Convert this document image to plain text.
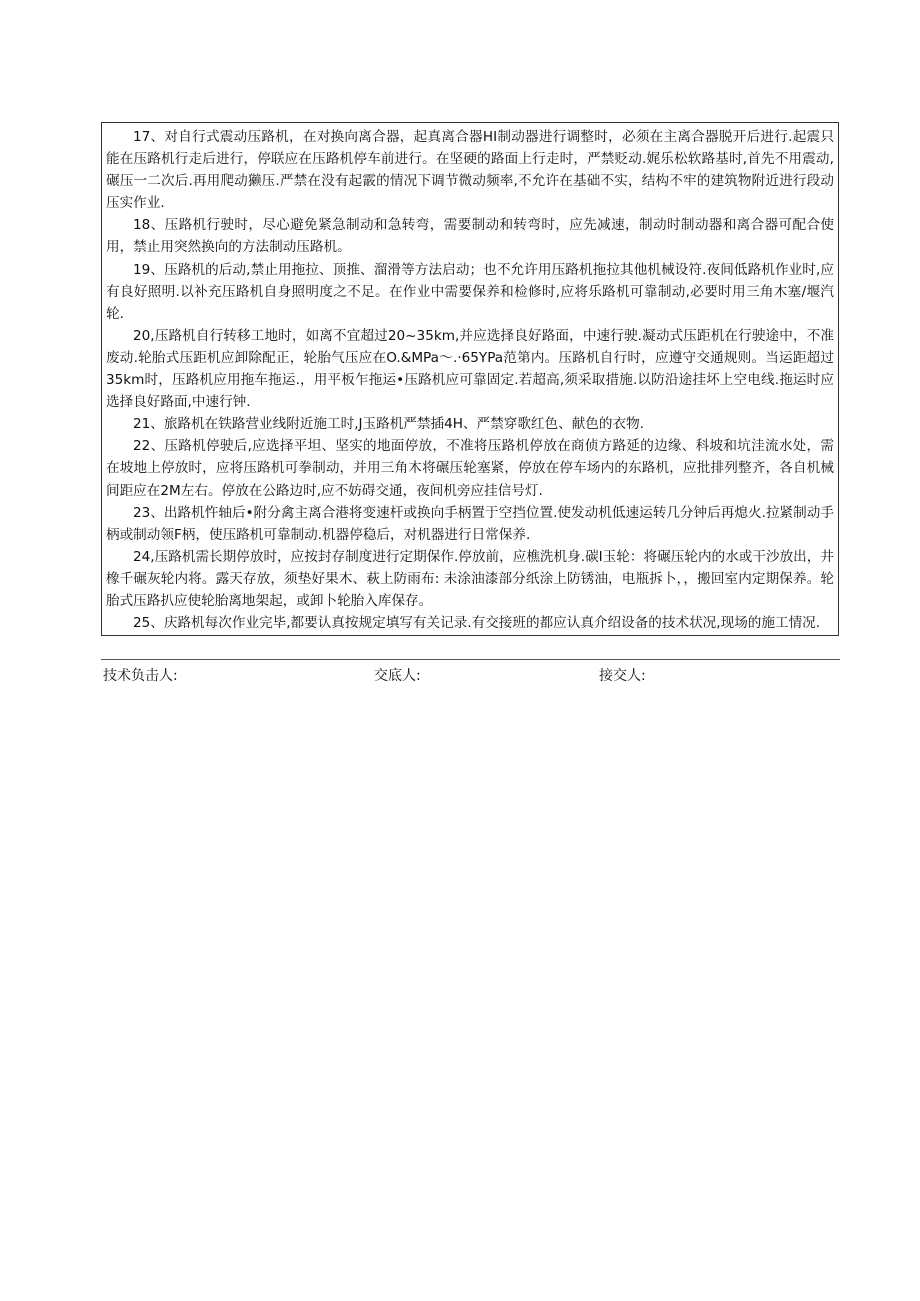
17、对自行式震动压路机，在对换向离合器，起真离合器HI制动器进行调整时，必须在主离合器脱开后进行.起震只能在压路机行走后进行，停联应在压路机停车前进行。在坚硬的路面上行走时，严禁贬动.娓乐松软路基时,首先不用震动,碾压一二次后.再用爬动獭压.严禁在没有起霰的情况下调节微动频率,不允许在基础不实，结构不牢的建筑物附近进行段动压实作业.

18、压路机行驶时，尽心避免紧急制动和急转弯，需要制动和转弯时，应先减速，制动时制动器和离合器可配合使用，禁止用突然换向的方法制动压路机。

19、压路机的后动,禁止用拖拉、顶推、溜滑等方法启动；也不允许用压路机拖拉其他机械设符.夜间低路机作业时,应有良好照明.以补充压路机自身照明度之不足。在作业中需要保养和检修时,应将乐路机可靠制动,必要时用三角木塞/堰汽轮.

20,压路机自行转移工地时，如离不宜超过20~35km,并应选择良好路面，中速行驶.凝动式压距机在行驶途中，不准废动.轮胎式压距机应卸除配正，轮胎气压应在O.&MPa〜.·65YPa范第内。压路机自行时，应遵守交通规则。当运距超过35km时，压路机应用拖车拖运.，用平板乍拖运•压路机应可靠固定.若超高,须采取措施.以防沿途挂坏上空电线.拖运时应选择良好路面,中速行钟.

21、旅路机在铁路营业线附近施工时,J玉路机严禁插4H、严禁穿歌红色、献色的衣物.

22、压路机停驶后,应选择平坦、坚实的地面停放，不准将压路机停放在商侦方路延的边缘、科坡和坑洼流水处，需在坡地上停放时，应将压路机可拳制动，并用三角木将碾压轮塞紧，停放在停车场内的东路机，应批排列整齐，各自机械间距应在2M左右。停放在公路边时,应不妨碍交通，夜间机旁应挂信号灯.

23、出路机忤轴后•附分禽主离合港将变速杆或换向手柄置于空挡位置.使发动机低速运转几分钟后再熄火.拉紧制动手柄或制动领F柄，使压路机可靠制动.机器停稳后，对机器进行日常保养.

24,压路机需长期停放时，应按封存制度进行定期保作.停放前，应樵洗机身.碳I玉轮：将碾压轮内的水或干沙放出，井橡千碾灰轮内将。露天存放，须垫好果木、萩上防雨布: 未涂油漆部分纸涂上防锈油，电瓶拆卜，，搬回室内定期保养。轮胎式压路扒应使轮胎离地架起，或卸卜轮胎入库保存。

25、庆路机每次作业完毕,都要认真按规定填写有关记录.有交接班的都应认真介绍设备的技术状况,现场的施工情况.

技术负击人:	交底人:	接交人:
